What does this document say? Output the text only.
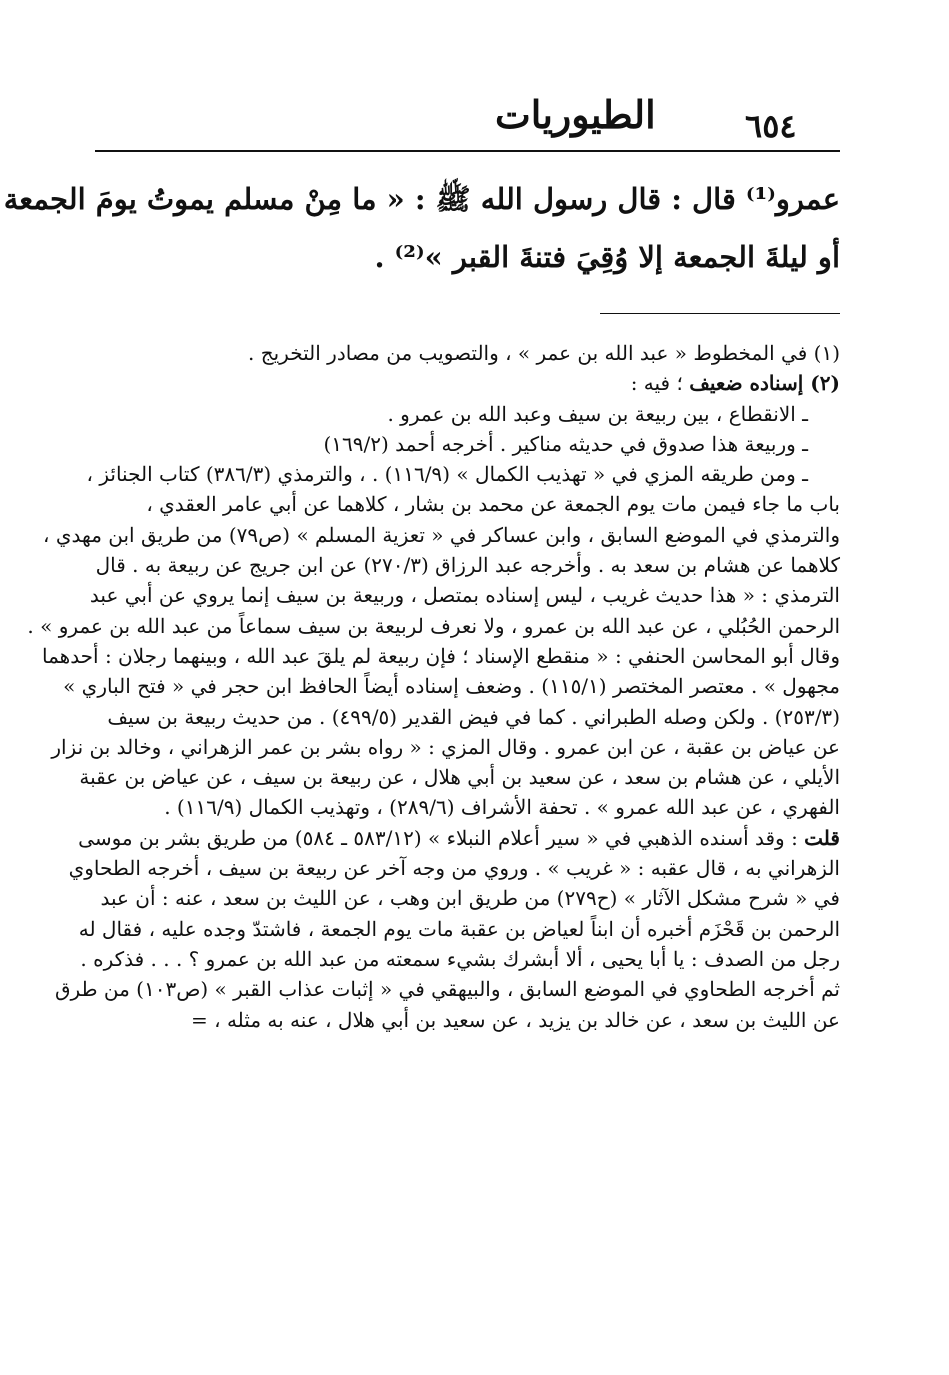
الطيوريات	٦٥٤
عمرو⁽¹⁾ قال : قال رسول الله ﷺ : « ما مِنْ مسلم يموتُ يومَ الجمعة
أو ليلةَ الجمعة إلا وُقِيَ فتنةَ القبر »⁽²⁾ .
(١) في المخطوط « عبد الله بن عمر » ، والتصويب من مصادر التخريج .
(٢) إسناده ضعيف ؛ فيه :
ـ الانقطاع ، بين ربيعة بن سيف وعبد الله بن عمرو .
ـ وربيعة هذا صدوق في حديثه مناكير . أخرجه أحمد (١٦٩/٢)
ـ ومن طريقه المزي في « تهذيب الكمال » (١١٦/٩) . ، والترمذي (٣٨٦/٣) كتاب الجنائز ،
باب ما جاء فيمن مات يوم الجمعة عن محمد بن بشار ، كلاهما عن أبي عامر العقدي ،
والترمذي في الموضع السابق ، وابن عساكر في « تعزية المسلم » (ص٧٩) من طريق ابن مهدي ،
كلاهما عن هشام بن سعد به . وأخرجه عبد الرزاق (٢٧٠/٣) عن ابن جريج عن ربيعة به . قال
الترمذي : « هذا حديث غريب ، ليس إسناده بمتصل ، وربيعة بن سيف إنما يروي عن أبي عبد
الرحمن الحُبُلي ، عن عبد الله بن عمرو ، ولا نعرف لربيعة بن سيف سماعاً من عبد الله بن عمرو » .
وقال أبو المحاسن الحنفي : « منقطع الإسناد ؛ فإن ربيعة لم يلقَ عبد الله ، وبينهما رجلان : أحدهما
مجهول » . معتصر المختصر (١١٥/١) . وضعف إسناده أيضاً الحافظ ابن حجر في « فتح الباري »
(٢٥٣/٣) . ولكن وصله الطبراني . كما في فيض القدير (٤٩٩/٥) . من حديث ربيعة بن سيف
عن عياض بن عقبة ، عن ابن عمرو . وقال المزي : « رواه بشر بن عمر الزهراني ، وخالد بن نزار
الأيلي ، عن هشام بن سعد ، عن سعيد بن أبي هلال ، عن ربيعة بن سيف ، عن عياض بن عقبة
الفهري ، عن عبد الله عمرو » . تحفة الأشراف (٢٨٩/٦) ، وتهذيب الكمال (١١٦/٩) .
قلت : وقد أسنده الذهبي في « سير أعلام النبلاء » (٥٨٣/١٢ ـ ٥٨٤) من طريق بشر بن موسى
الزهراني به ، قال عقبه : « غريب » . وروي من وجه آخر عن ربيعة بن سيف ، أخرجه الطحاوي
في « شرح مشكل الآثار » (ح٢٧٩) من طريق ابن وهب ، عن الليث بن سعد ، عنه : أن عبد
الرحمن بن قَحْزَم أخبره أن ابناً لعياض بن عقبة مات يوم الجمعة ، فاشتدّ وجده عليه ، فقال له
رجل من الصدف : يا أبا يحيى ، ألا أبشرك بشيء سمعته من عبد الله بن عمرو ؟ . . . فذكره .
ثم أخرجه الطحاوي في الموضع السابق ، والبيهقي في « إثبات عذاب القبر » (ص١٠٣) من طرق
عن الليث بن سعد ، عن خالد بن يزيد ، عن سعيد بن أبي هلال ، عنه به مثله ، =
